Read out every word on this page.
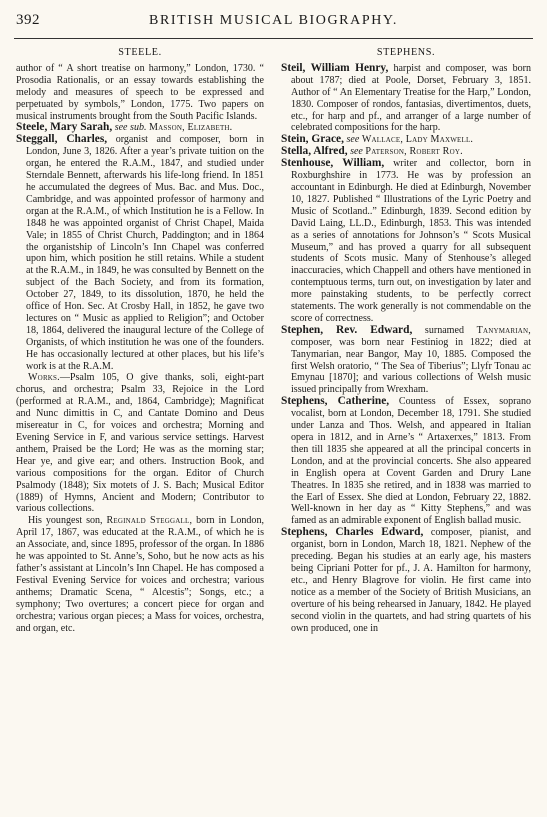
392	BRITISH MUSICAL BIOGRAPHY.
STEELE.

author of “ A short treatise on harmony,” London, 1730. “ Prosodia Rationalis, or an essay towards establishing the melody and measures of speech to be expressed and perpetuated by symbols,” London, 1775. Two papers on musical instruments brought from the South Pacific Islands.

Steele, Mary Sarah, see sub. Masson, Elizabeth.

Steggall, Charles, organist and composer, born in London, June 3, 1826. After a year’s private tuition on the organ, he entered the R.A.M., 1847, and studied under Sterndale Bennett, afterwards his life-long friend. In 1851 he accumulated the degrees of Mus. Bac. and Mus. Doc., Cambridge, and was appointed professor of harmony and organ at the R.A.M., of which Institution he is a Fellow. In 1848 he was appointed organist of Christ Chapel, Maida Vale; in 1855 of Christ Church, Paddington; and in 1864 the organistship of Lincoln’s Inn Chapel was conferred upon him, which position he still retains. While a student at the R.A.M., in 1849, he was consulted by Bennett on the subject of the Bach Society, and from its formation, October 27, 1849, to its dissolution, 1870, he held the office of Hon. Sec. At Crosby Hall, in 1852, he gave two lectures on “ Music as applied to Religion”; and October 18, 1864, delivered the inaugural lecture of the College of Organists, of which institution he was one of the founders. He has occasionally lectured at other places, but his life’s work is at the R.A.M.

Works.—Psalm 105, O give thanks, soli, eight-part chorus, and orchestra; Psalm 33, Rejoice in the Lord (performed at R.A.M., and, 1864, Cambridge); Magnificat and Nunc dimittis in C, and Cantate Domino and Deus misereatur in C, for voices and orchestra; Morning and Evening Service in F, and various service settings. Harvest anthem, Praised be the Lord; He was as the morning star; Hear ye, and give ear; and others. Instruction Book, and various compositions for the organ. Editor of Church Psalmody (1848); Six motets of J. S. Bach; Musical Editor (1889) of Hymns, Ancient and Modern; Contributor to various collections.

His youngest son, Reginald Steggall, born in London, April 17, 1867, was educated at the R.A.M., of which he is an Associate, and, since 1895, professor of the organ. In 1886 he was appointed to St. Anne’s, Soho, but he now acts as his father’s assistant at Lincoln’s Inn Chapel. He has composed a Festival Evening Service for voices and orchestra; various anthems; Dramatic Scena, “ Alcestis”; Songs, etc.; a symphony; Two overtures; a concert piece for organ and orchestra; various organ pieces; a Mass for voices, orchestra, and organ, etc.

STEPHENS.

Steil, William Henry, harpist and composer, was born about 1787; died at Poole, Dorset, February 3, 1851. Author of “ An Elementary Treatise for the Harp,” London, 1830. Composer of rondos, fantasias, divertimentos, duets, etc., for harp and pf., and arranger of a large number of celebrated compositions for the harp.

Stein, Grace, see Wallace, Lady Maxwell.

Stella, Alfred, see Paterson, Robert Roy.

Stenhouse, William, writer and collector, born in Roxburghshire in 1773. He was by profession an accountant in Edinburgh. He died at Edinburgh, November 10, 1827. Published “ Illustrations of the Lyric Poetry and Music of Scotland..” Edinburgh, 1839. Second edition by David Laing, LL.D., Edinburgh, 1853. This was intended as a series of annotations for Johnson’s “ Scots Musical Museum,” and has proved a quarry for all subsequent students of Scots music. Many of Stenhouse’s alleged inaccuracies, which Chappell and others have mentioned in contemptuous terms, turn out, on investigation by later and more painstaking students, to be perfectly correct statements. The work generally is not commendable on the score of correctness.

Stephen, Rev. Edward, surnamed Tanymarian, composer, was born near Festiniog in 1822; died at Tanymarian, near Bangor, May 10, 1885. Composed the first Welsh oratorio, “ The Sea of Tiberius”; Llyfr Tonau ac Emynau [1870]; and various collections of Welsh music issued principally from Wrexham.

Stephens, Catherine, Countess of Essex, soprano vocalist, born at London, December 18, 1791. She studied under Lanza and Thos. Welsh, and appeared in Italian opera in 1812, and in Arne’s “ Artaxerxes,” 1813. From then till 1835 she appeared at all the principal concerts in London, and at the provincial concerts. She also appeared in English opera at Covent Garden and Drury Lane Theatres. In 1835 she retired, and in 1838 was married to the Earl of Essex. She died at London, February 22, 1882. Well-known in her day as “ Kitty Stephens,” and was famed as an admirable exponent of English ballad music.

Stephens, Charles Edward, composer, pianist, and organist, born in London, March 18, 1821. Nephew of the preceding. Began his studies at an early age, his masters being Cipriani Potter for pf., J. A. Hamilton for harmony, etc., and Henry Blagrove for violin. He first came into notice as a member of the Society of British Musicians, an overture of his being rehearsed in January, 1842. He played second violin in the quartets, and had string quartets of his own produced, one in
